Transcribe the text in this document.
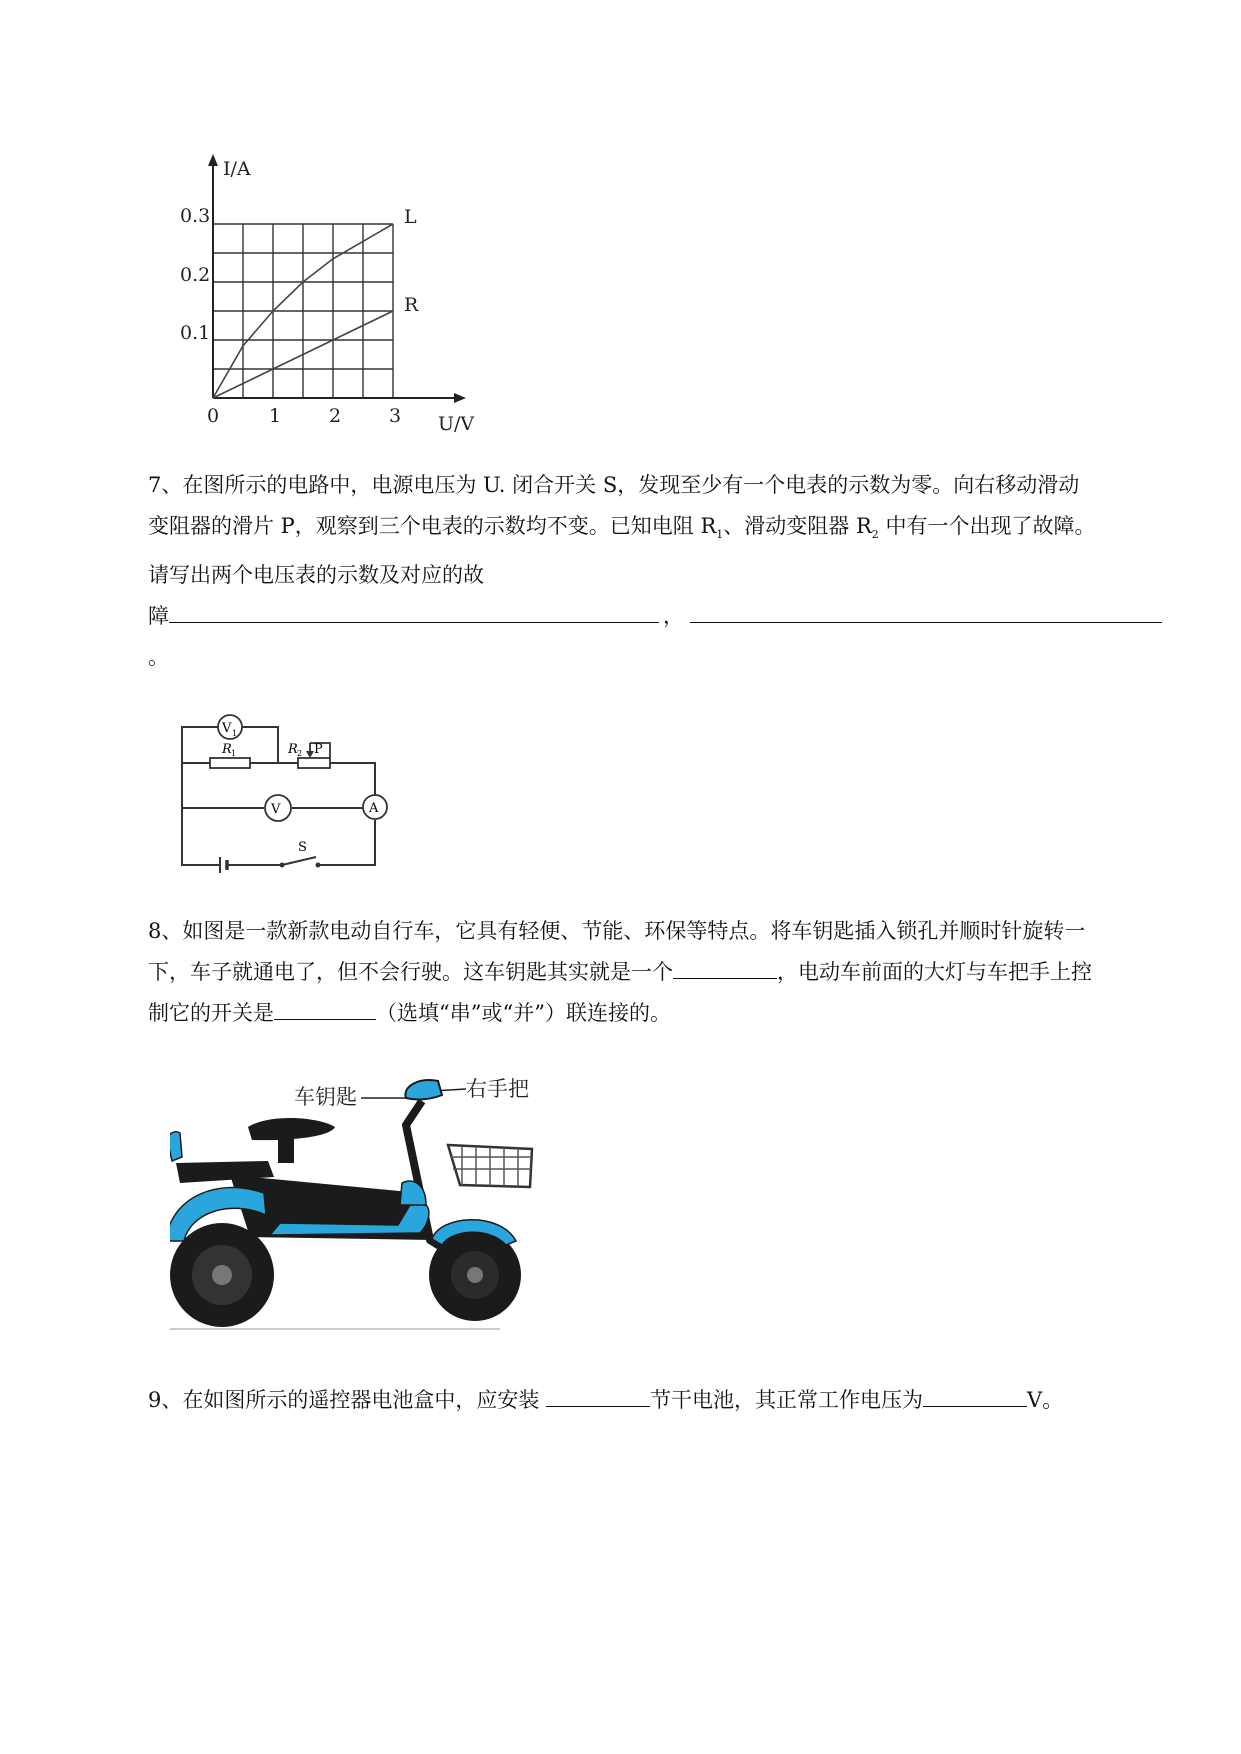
I/A
U/V
0.3
0.2
0.1
0	1	2	3
L
R
7、在图所示的电路中，电源电压为 U. 闭合开关 S，发现至少有一个电表的示数为零。向右移动滑动
变阻器的滑片 P，观察到三个电表的示数均不变。已知电阻 $R_1$、滑动变阻器 $R_2$ 中有一个出现了故障。
请写出两个电压表的示数及对应的故
障	，
。
V 1
R 1	R 2 P
A
V
S
8、如图是一款新款电动自行车，它具有轻便、节能、环保等特点。将车钥匙插入锁孔并顺时针旋转一
下，车子就通电了，但不会行驶。这车钥匙其实就是一个	，电动车前面的大灯与车把手上控
制它的开关是	（选填“串”或“并”）联连接的。
车钥匙	右手把
9、在如图所示的遥控器电池盒中，应安装	节干电池，其正常工作电压为	V。
